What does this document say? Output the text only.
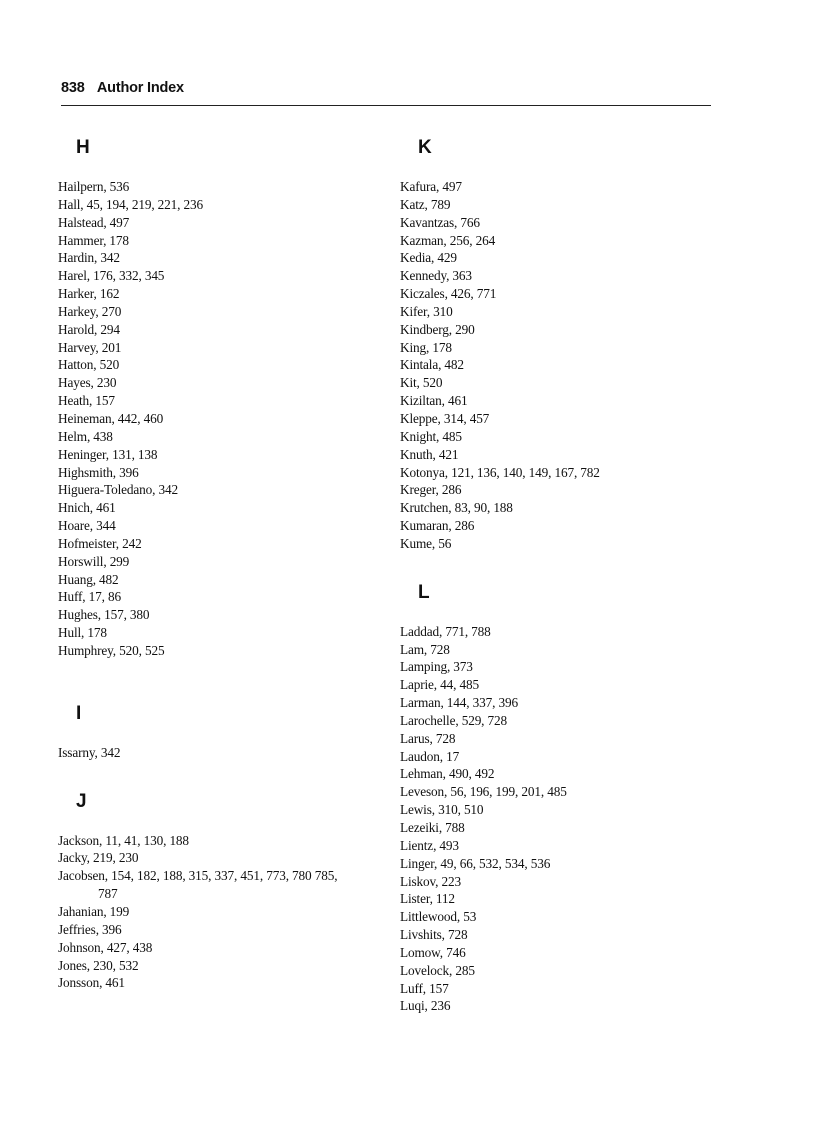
838 Author Index
H
Hailpern, 536
Hall, 45, 194, 219, 221, 236
Halstead, 497
Hammer, 178
Hardin, 342
Harel, 176, 332, 345
Harker, 162
Harkey, 270
Harold, 294
Harvey, 201
Hatton, 520
Hayes, 230
Heath, 157
Heineman, 442, 460
Helm, 438
Heninger, 131, 138
Highsmith, 396
Higuera-Toledano, 342
Hnich, 461
Hoare, 344
Hofmeister, 242
Horswill, 299
Huang, 482
Huff, 17, 86
Hughes, 157, 380
Hull, 178
Humphrey, 520, 525
I
Issarny, 342
J
Jackson, 11, 41, 130, 188
Jacky, 219, 230
Jacobsen, 154, 182, 188, 315, 337, 451, 773, 780 785, 787
Jahanian, 199
Jeffries, 396
Johnson, 427, 438
Jones, 230, 532
Jonsson, 461
K
Kafura, 497
Katz, 789
Kavantzas, 766
Kazman, 256, 264
Kedia, 429
Kennedy, 363
Kiczales, 426, 771
Kifer, 310
Kindberg, 290
King, 178
Kintala, 482
Kit, 520
Kiziltan, 461
Kleppe, 314, 457
Knight, 485
Knuth, 421
Kotonya, 121, 136, 140, 149, 167, 782
Kreger, 286
Krutchen, 83, 90, 188
Kumaran, 286
Kume, 56
L
Laddad, 771, 788
Lam, 728
Lamping, 373
Laprie, 44, 485
Larman, 144, 337, 396
Larochelle, 529, 728
Larus, 728
Laudon, 17
Lehman, 490, 492
Leveson, 56, 196, 199, 201, 485
Lewis, 310, 510
Lezeiki, 788
Lientz, 493
Linger, 49, 66, 532, 534, 536
Liskov, 223
Lister, 112
Littlewood, 53
Livshits, 728
Lomow, 746
Lovelock, 285
Luff, 157
Luqi, 236
